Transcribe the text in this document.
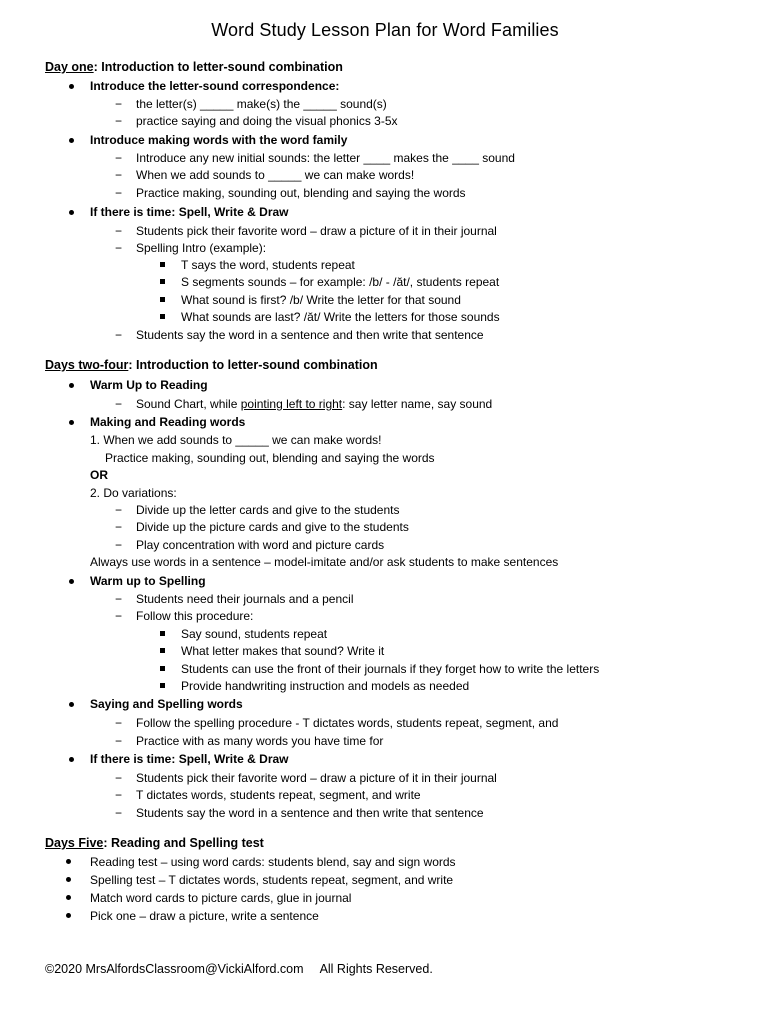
Word Study Lesson Plan for Word Families
Day one: Introduction to letter-sound combination
Introduce the letter-sound correspondence:
− the letter(s) _____ make(s) the _____ sound(s)
− practice saying and doing the visual phonics 3-5x
Introduce making words with the word family
− Introduce any new initial sounds: the letter ____ makes the ____ sound
− When we add sounds to _____ we can make words!
− Practice making, sounding out, blending and saying the words
If there is time: Spell, Write & Draw
− Students pick their favorite word – draw a picture of it in their journal
− Spelling Intro (example):
T says the word, students repeat
S segments sounds – for example: /b/ - /ăt/, students repeat
What sound is first? /b/ Write the letter for that sound
What sounds are last? /ăt/ Write the letters for those sounds
− Students say the word in a sentence and then write that sentence
Days two-four: Introduction to letter-sound combination
Warm Up to Reading
− Sound Chart, while pointing left to right: say letter name, say sound
Making and Reading words
1. When we add sounds to _____ we can make words!
Practice making, sounding out, blending and saying the words
OR
2. Do variations:
− Divide up the letter cards and give to the students
− Divide up the picture cards and give to the students
− Play concentration with word and picture cards
Always use words in a sentence – model-imitate and/or ask students to make sentences
Warm up to Spelling
− Students need their journals and a pencil
− Follow this procedure:
Say sound, students repeat
What letter makes that sound? Write it
Students can use the front of their journals if they forget how to write the letters
Provide handwriting instruction and models as needed
Saying and Spelling words
− Follow the spelling procedure - T dictates words, students repeat, segment, and
− Practice with as many words you have time for
If there is time: Spell, Write & Draw
− Students pick their favorite word – draw a picture of it in their journal
− T dictates words, students repeat, segment, and write
− Students say the word in a sentence and then write that sentence
Days Five: Reading and Spelling test
Reading test – using word cards: students blend, say and sign words
Spelling test – T dictates words, students repeat, segment, and write
Match word cards to picture cards, glue in journal
Pick one – draw a picture, write a sentence
©2020 MrsAlfordsClassroom@VickiAlford.com All Rights Reserved.
